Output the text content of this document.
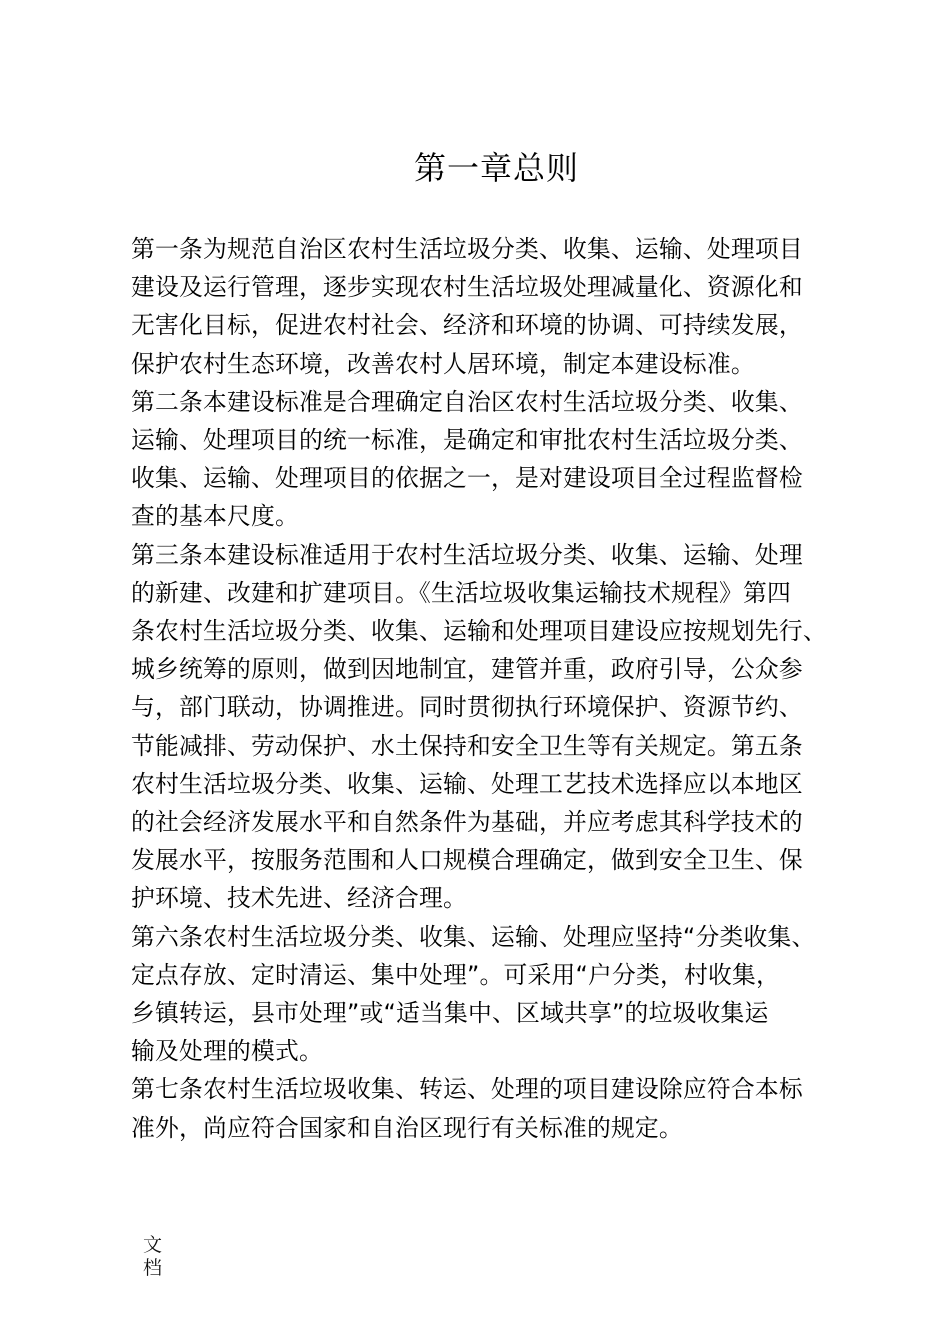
第一章总则
第一条为规范自治区农村生活垃圾分类、收集、运输、处理项目
建设及运行管理，逐步实现农村生活垃圾处理减量化、资源化和
无害化目标，促进农村社会、经济和环境的协调、可持续发展，
保护农村生态环境，改善农村人居环境，制定本建设标准。
第二条本建设标准是合理确定自治区农村生活垃圾分类、收集、
运输、处理项目的统一标准，是确定和审批农村生活垃圾分类、
收集、运输、处理项目的依据之一，是对建设项目全过程监督检
查的基本尺度。
第三条本建设标准适用于农村生活垃圾分类、收集、运输、处理
的新建、改建和扩建项目。《生活垃圾收集运输技术规程》第四
条农村生活垃圾分类、收集、运输和处理项目建设应按规划先行、
城乡统筹的原则，做到因地制宜，建管并重，政府引导，公众参
与，部门联动，协调推进。同时贯彻执行环境保护、资源节约、
节能减排、劳动保护、水土保持和安全卫生等有关规定。第五条
农村生活垃圾分类、收集、运输、处理工艺技术选择应以本地区
的社会经济发展水平和自然条件为基础，并应考虑其科学技术的
发展水平，按服务范围和人口规模合理确定，做到安全卫生、保
护环境、技术先进、经济合理。
第六条农村生活垃圾分类、收集、运输、处理应坚持“分类收集、
定点存放、定时清运、集中处理”。可采用“户分类，村收集，
乡镇转运，县市处理”或“适当集中、区域共享”的垃圾收集运
输及处理的模式。
第七条农村生活垃圾收集、转运、处理的项目建设除应符合本标
准外，尚应符合国家和自治区现行有关标准的规定。
文
档
